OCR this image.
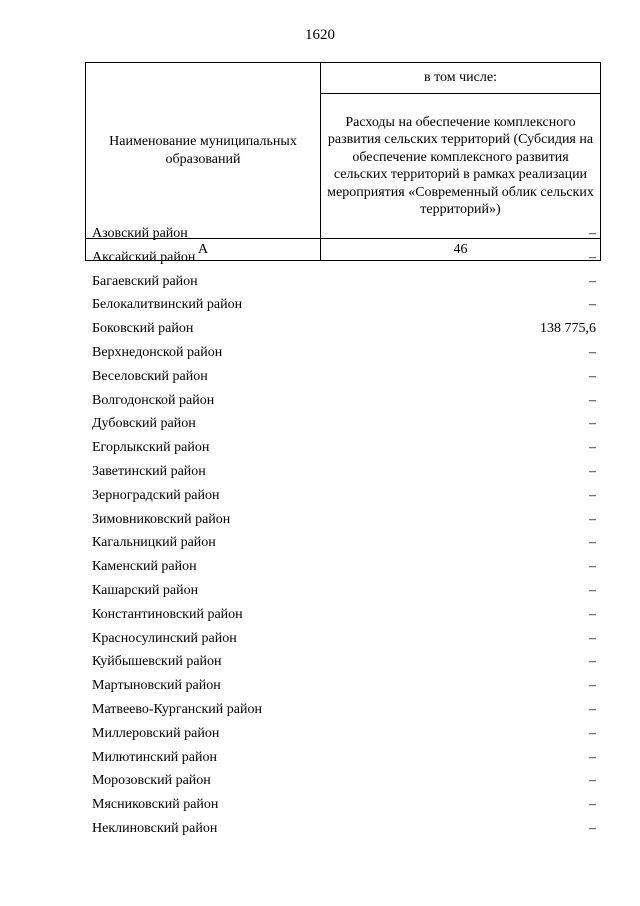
1620
Наименование муниципальных образований	в том числе:
	Расходы на обеспечение комплексного развития сельских территорий (Субсидия на обеспечение комплексного развития сельских территорий в рамках реализации мероприятия «Современный облик сельских территорий»)
А	46
Азовский район	–
Аксайский район	–
Багаевский район	–
Белокалитвинский район	–
Боковский район	138 775,6
Верхнедонской район	–
Веселовский район	–
Волгодонской район	–
Дубовский район	–
Егорлыкский район	–
Заветинский район	–
Зерноградский район	–
Зимовниковский район	–
Кагальницкий район	–
Каменский район	–
Кашарский район	–
Константиновский район	–
Красносулинский район	–
Куйбышевский район	–
Мартыновский район	–
Матвеево-Курганский район	–
Миллеровский район	–
Милютинский район	–
Морозовский район	–
Мясниковский район	–
Неклиновский район	–
